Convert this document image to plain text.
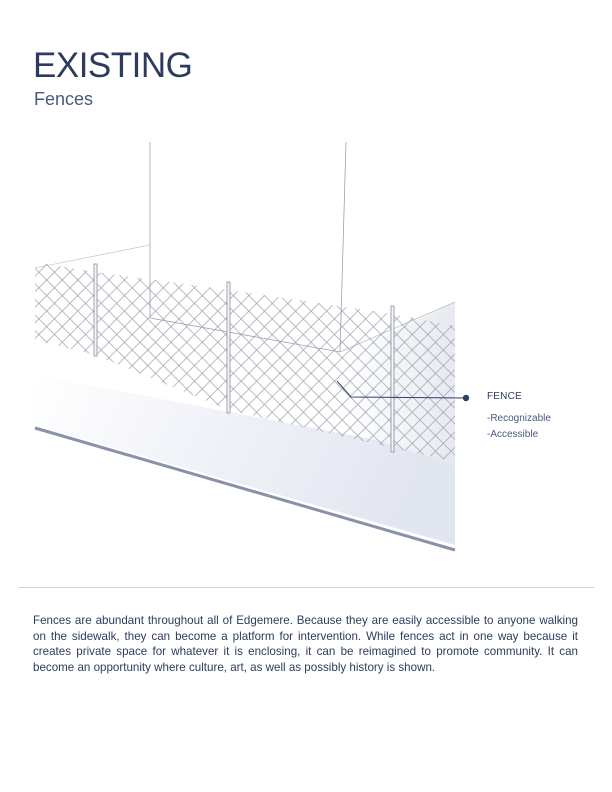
EXISTING
Fences
FENCE
-Recognizable
-Accessible

Fences are abundant throughout all of Edgemere. Because they are easily accessible to anyone walking on the sidewalk, they can become a platform for intervention. While fences act in one way because it creates private space for whatever it is enclosing, it can be reimagined to promote community. It can become an opportunity where culture, art, as well as possibly history is shown.
